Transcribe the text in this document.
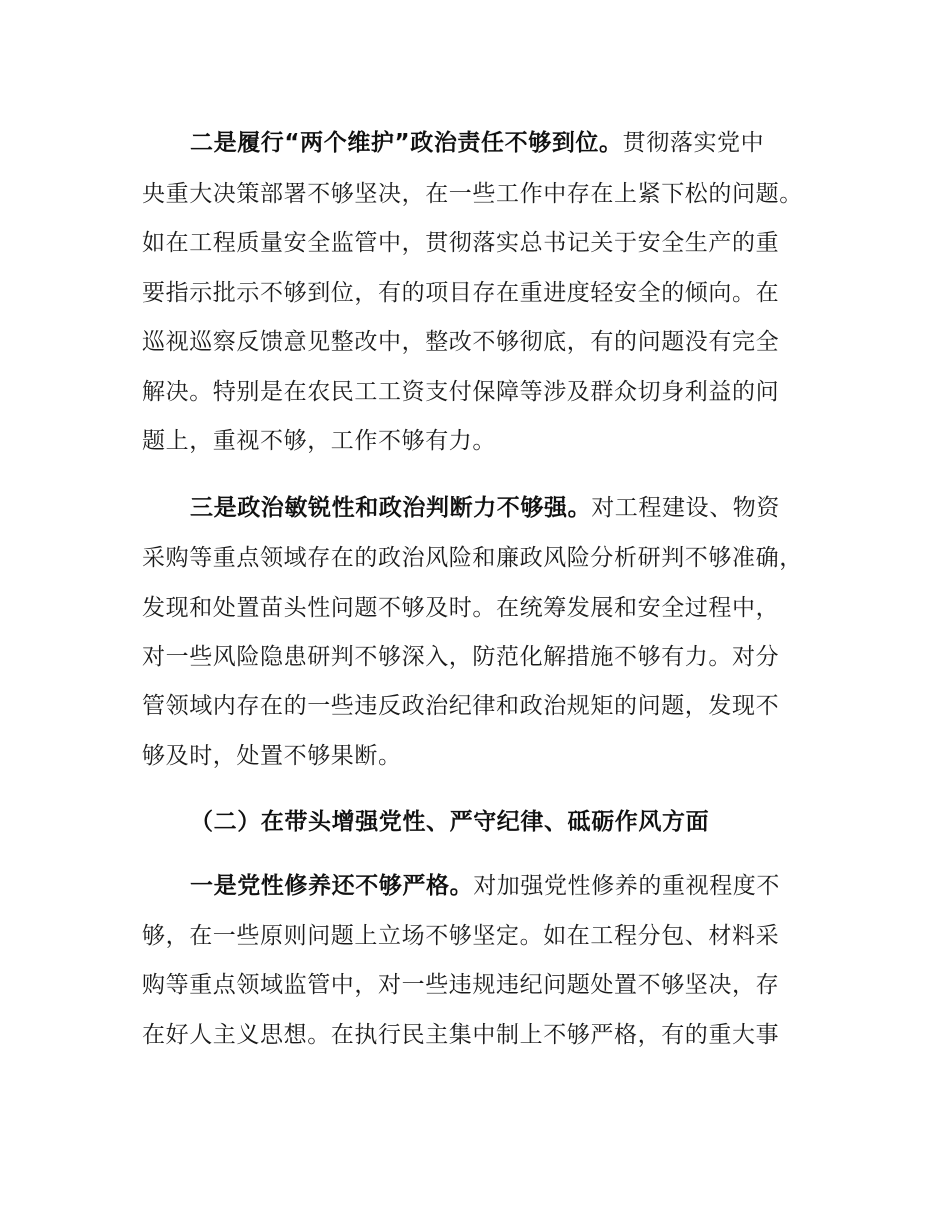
二是履行“两个维护”政治责任不够到位。贯彻落实党中
央重大决策部署不够坚决，在一些工作中存在上紧下松的问题。
如在工程质量安全监管中，贯彻落实总书记关于安全生产的重
要指示批示不够到位，有的项目存在重进度轻安全的倾向。在
巡视巡察反馈意见整改中，整改不够彻底，有的问题没有完全
解决。特别是在农民工工资支付保障等涉及群众切身利益的问
题上，重视不够，工作不够有力。
三是政治敏锐性和政治判断力不够强。对工程建设、物资
采购等重点领域存在的政治风险和廉政风险分析研判不够准确，
发现和处置苗头性问题不够及时。在统筹发展和安全过程中，
对一些风险隐患研判不够深入，防范化解措施不够有力。对分
管领域内存在的一些违反政治纪律和政治规矩的问题，发现不
够及时，处置不够果断。
（二）在带头增强党性、严守纪律、砥砺作风方面
一是党性修养还不够严格。对加强党性修养的重视程度不
够，在一些原则问题上立场不够坚定。如在工程分包、材料采
购等重点领域监管中，对一些违规违纪问题处置不够坚决，存
在好人主义思想。在执行民主集中制上不够严格，有的重大事
